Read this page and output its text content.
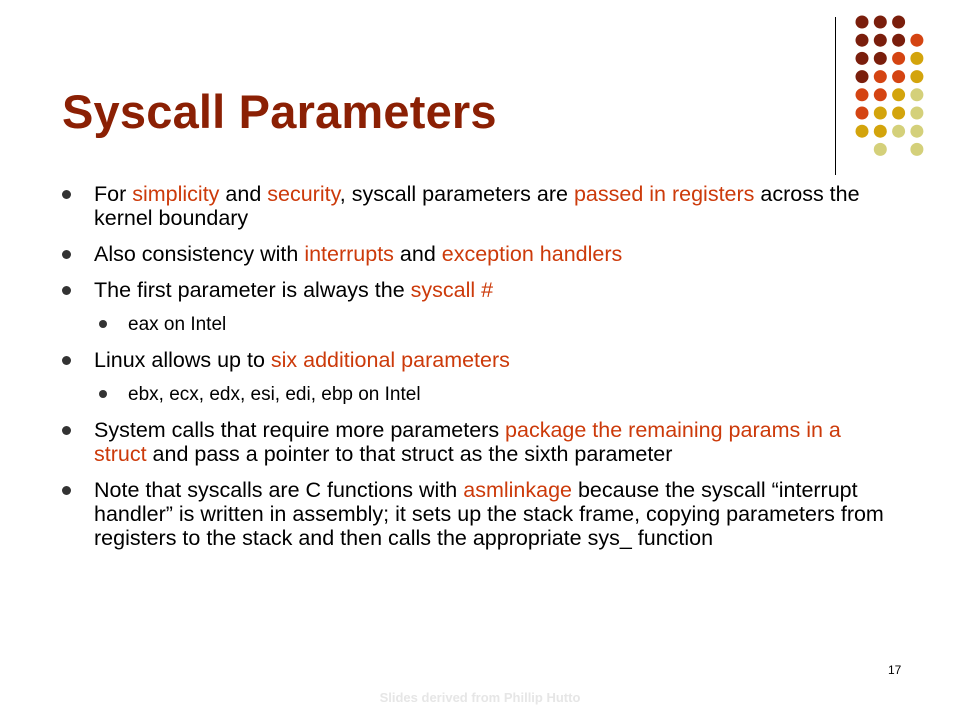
Syscall Parameters
For simplicity and security, syscall parameters are passed in registers across the kernel boundary
Also consistency with interrupts and exception handlers
The first parameter is always the syscall #
eax on Intel
Linux allows up to six additional parameters
ebx, ecx, edx, esi, edi, ebp on Intel
System calls that require more parameters package the remaining params in a struct and pass a pointer to that struct as the sixth parameter
Note that syscalls are C functions with asmlinkage because the syscall “interrupt handler” is written in assembly; it sets up the stack frame, copying parameters from registers to the stack and then calls the appropriate sys_ function
17
Slides derived from Phillip Hutto
